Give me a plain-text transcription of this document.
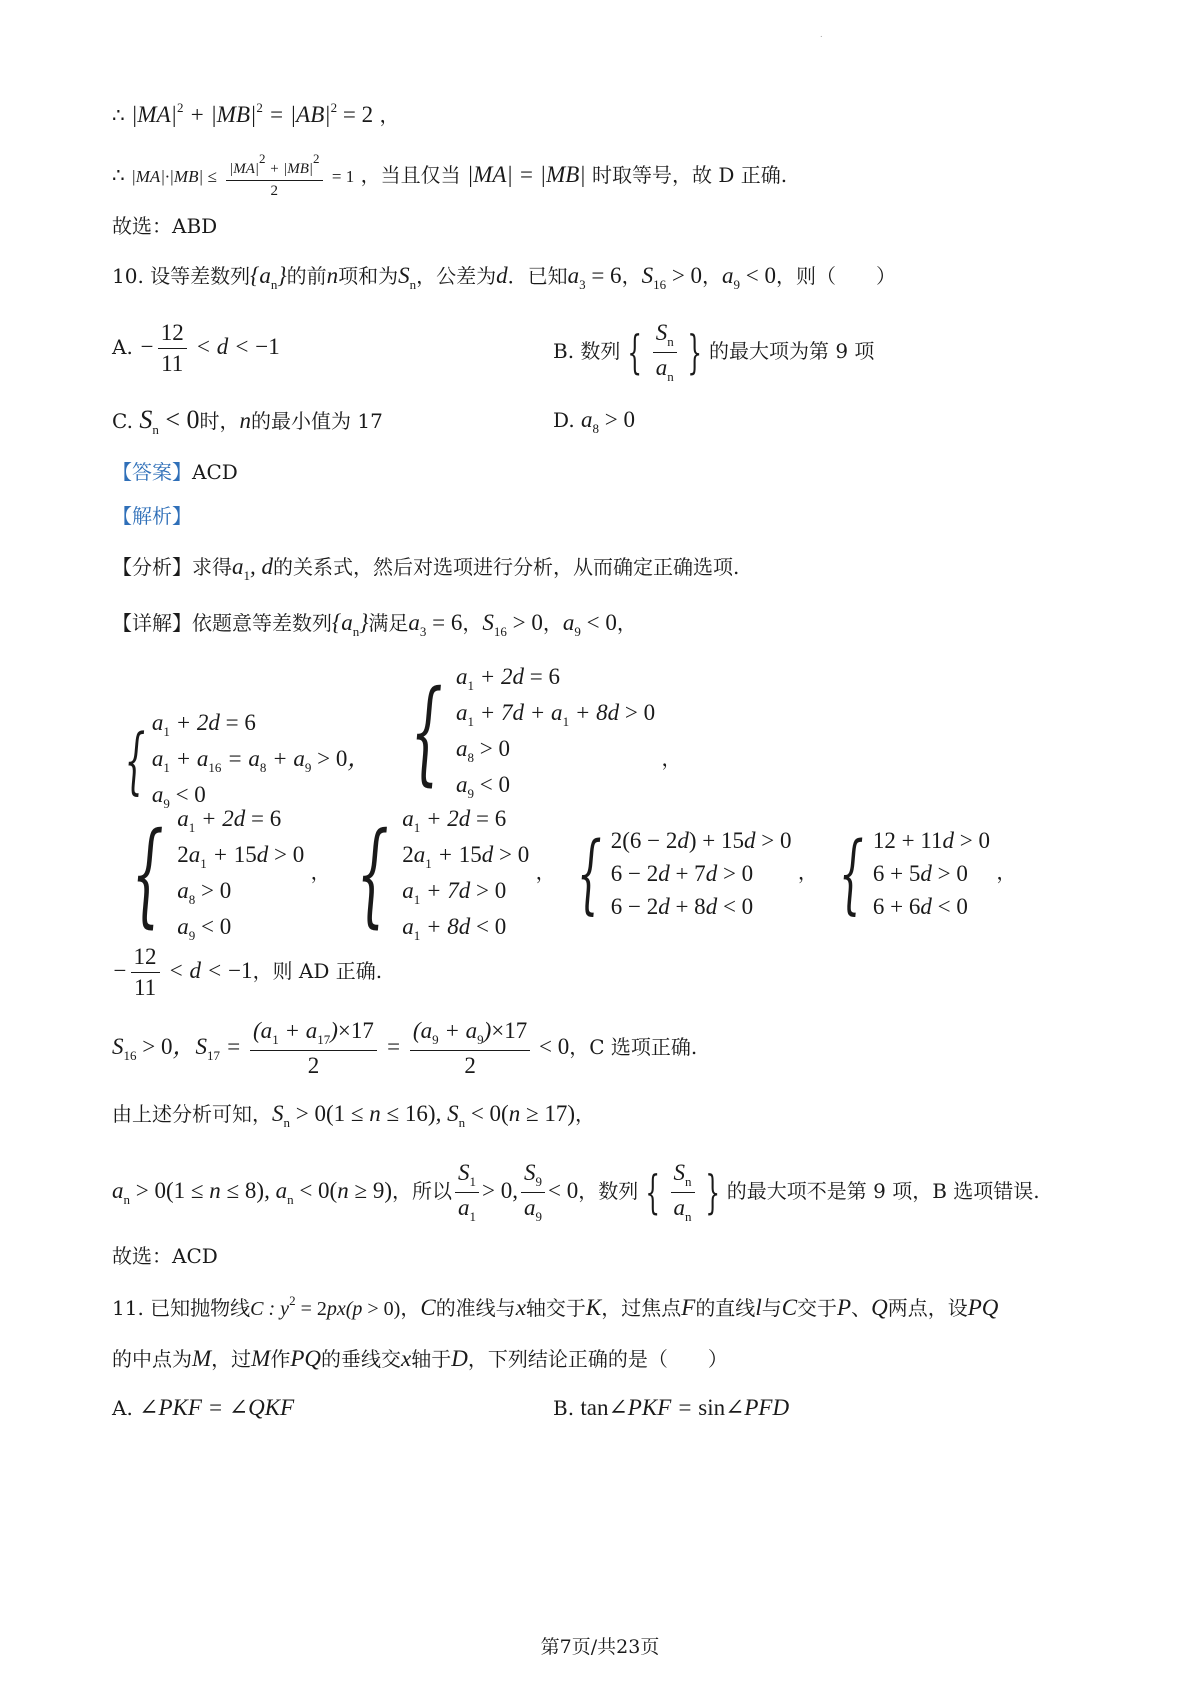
.
∴ $|MA|^2 + |MB|^2 = |AB|^2 = 2$ ，
∴ $|MA|\cdot|MB| \le \frac{|MA|2 + |MB|2}{2} = 1$ ，当且仅当 |MA| = |MB| 时取等号，故 D 正确.
故选：ABD
10. 设等差数列$\{a_n\}$的前n项和为$S_n$，公差为d．已知$a_3 = 6$，$S_{16} > 0$，$a_9 < 0$，则（　　）
A. − $\frac{12}{11} < d < -1$	B. 数列 { $\frac{S_n}{a_n}$ } 的最大项为第 9 项
C. $S_n < 0$时，n的最小值为 17	D. $a_8 > 0$
【答案】ACD
【解析】
【分析】求得$a_1$, d的关系式，然后对选项进行分析，从而确定正确选项.
【详解】依题意等差数列$\{a_n\}$满足$a_3 = 6$，$S_{16} > 0$，$a_9 < 0$，
{ $a_1 + 2d = 6$
$a_1 + a_{16} = a_8 + a_9 > 0$，
$a_9 < 0$
	{ $a_1 + 2d = 6$
$a_1 + 7d + a_1 + 8d > 0$
$a_8 > 0$
$a_9 < 0$
，
{ $a_1 + 2d = 6$
$2a_1 + 15d > 0$
$a_8 > 0$
$a_9 < 0$
， { $a_1 + 2d = 6$
$2a_1 + 15d > 0$
$a_1 + 7d > 0$
$a_1 + 8d < 0$
， { 2(6 − 2d) + 15d > 0
6 − 2d + 7d > 0
6 − 2d + 8d < 0
， { 12 + 11d > 0
6 + 5d > 0
6 + 6d < 0
，
− $\frac{12}{11} < d < -1$，则 AD 正确.
$S_{16} > 0$，$S_{17} = \frac{(a_1 + a_{17})\times 17}{2} = \frac{(a_9 + a_9)\times 17}{2} < 0$，C 选项正确.
由上述分析可知，$S_n > 0(1 \le n \le 16)$, $S_n < 0(n \ge 17)$，
$a_n > 0(1 \le n \le 8)$, $a_n < 0(n \ge 9)$，所以 $\frac{S_1}{a_1} > 0$, $\frac{S_9}{a_9} < 0$，数列 { $\frac{S_n}{a_n}$ } 的最大项不是第 9 项，B 选项错误.
故选：ACD
11. 已知抛物线C : $y^2 = 2px(p > 0)$，C的准线与x轴交于K，过焦点F的直线l与C交于P、Q两点，设PQ
的中点为M，过M作PQ的垂线交x轴于D，下列结论正确的是（　　）
A. ∠PKF = ∠QKF	B. tan∠PKF = sin∠PFD
第7页/共23页
